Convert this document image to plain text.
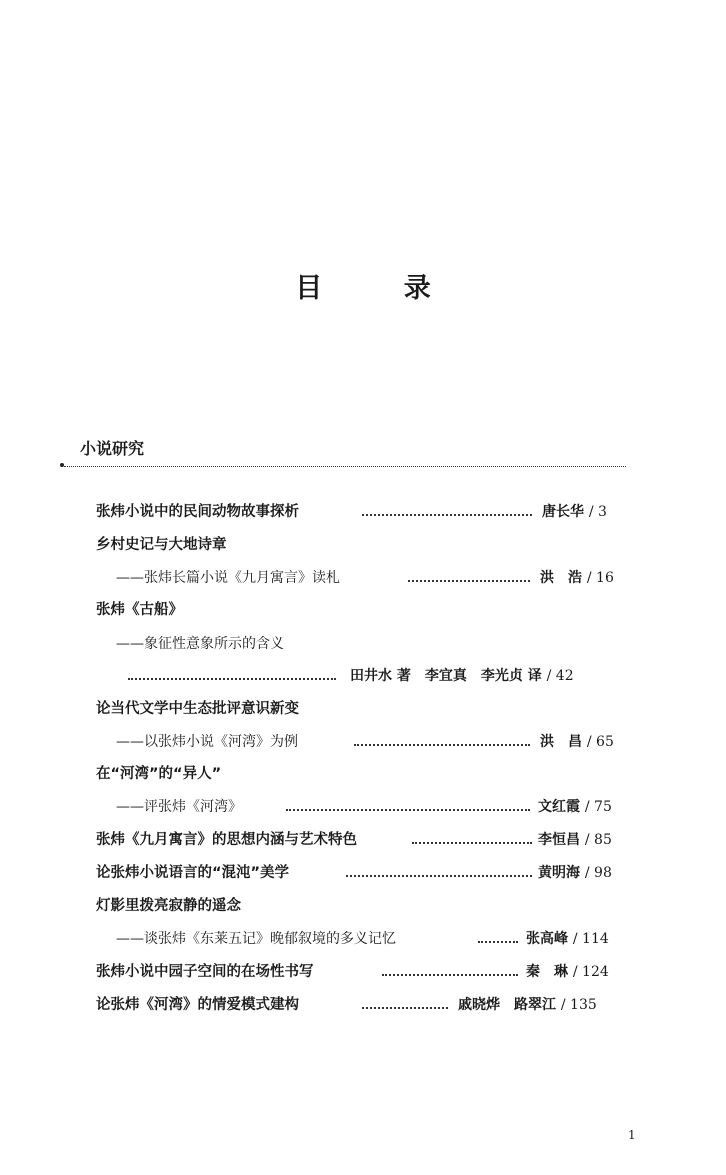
目 录
小说研究
张炜小说中的民间动物故事探析	唐长华 / 3
乡村史记与大地诗章
——张炜长篇小说《九月寓言》读札	洪　浩 / 16
张炜《古船》
——象征性意象所示的含义
田井水 著　李宜真　李光贞 译 / 42
论当代文学中生态批评意识新变
——以张炜小说《河湾》为例	洪　昌 / 65
在“河湾”的“异人”
——评张炜《河湾》	文红霞 / 75
张炜《九月寓言》的思想内涵与艺术特色	李恒昌 / 85
论张炜小说语言的“混沌”美学	黄明海 / 98
灯影里拨亮寂静的遥念
——谈张炜《东莱五记》晚郁叙境的多义记忆	张高峰 / 114
张炜小说中园子空间的在场性书写	秦　琳 / 124
论张炜《河湾》的情爱模式建构	戚晓烨　路翠江 / 135
1
